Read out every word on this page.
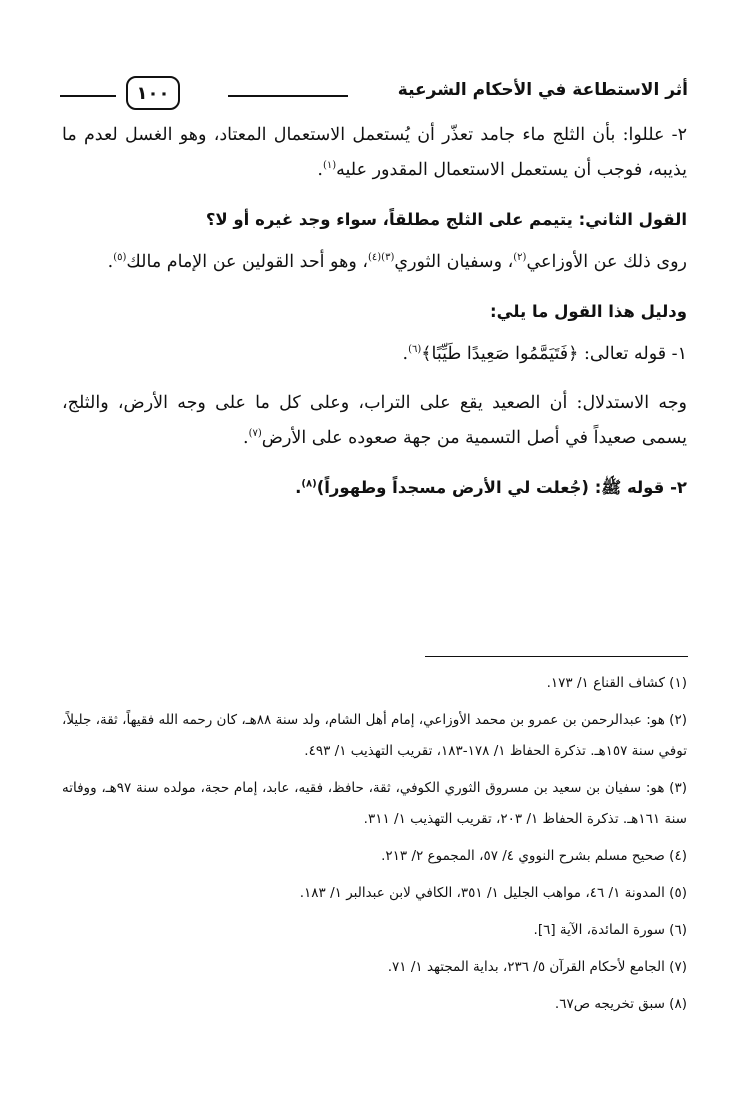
أثر الاستطاعة في الأحكام الشرعية
١٠٠

٢- عللوا: بأن الثلج ماء جامد تعذّر أن يُستعمل الاستعمال المعتاد، وهو الغسل لعدم ما يذيبه، فوجب أن يستعمل الاستعمال المقدور عليه$^{(١)}$.

القول الثاني: يتيمم على الثلج مطلقاً، سواء وجد غيره أو لا؟

روى ذلك عن الأوزاعي$^{(٢)}$، وسفيان الثوري$^{(٣)(٤)}$، وهو أحد القولين عن الإمام مالك$^{(٥)}$.

ودليل هذا القول ما يلي:

١- قوله تعالى: ﴿فَتَيَمَّمُوا صَعِيدًا طَيِّبًا﴾$^{(٦)}$.

وجه الاستدلال: أن الصعيد يقع على التراب، وعلى كل ما على وجه الأرض، والثلج، يسمى صعيداً في أصل التسمية من جهة صعوده على الأرض$^{(٧)}$.

٢- قوله ﷺ: (جُعلت لي الأرض مسجداً وطهوراً)$^{(٨)}$.

(١) كشاف القناع ١/ ١٧٣.

(٢) هو: عبدالرحمن بن عمرو بن محمد الأوزاعي، إمام أهل الشام، ولد سنة ٨٨هـ، كان رحمه الله فقيهاً، ثقة، جليلاً، توفي سنة ١٥٧هـ. تذكرة الحفاظ ١/ ١٧٨-١٨٣، تقريب التهذيب ١/ ٤٩٣.

(٣) هو: سفيان بن سعيد بن مسروق الثوري الكوفي، ثقة، حافظ، فقيه، عابد، إمام حجة، مولده سنة ٩٧هـ، ووفاته سنة ١٦١هـ. تذكرة الحفاظ ١/ ٢٠٣، تقريب التهذيب ١/ ٣١١.

(٤) صحيح مسلم بشرح النووي ٤/ ٥٧، المجموع ٢/ ٢١٣.

(٥) المدونة ١/ ٤٦، مواهب الجليل ١/ ٣٥١، الكافي لابن عبدالبر ١/ ١٨٣.

(٦) سورة المائدة، الآية [٦].

(٧) الجامع لأحكام القرآن ٥/ ٢٣٦، بداية المجتهد ١/ ٧١.

(٨) سبق تخريجه ص٦٧.
